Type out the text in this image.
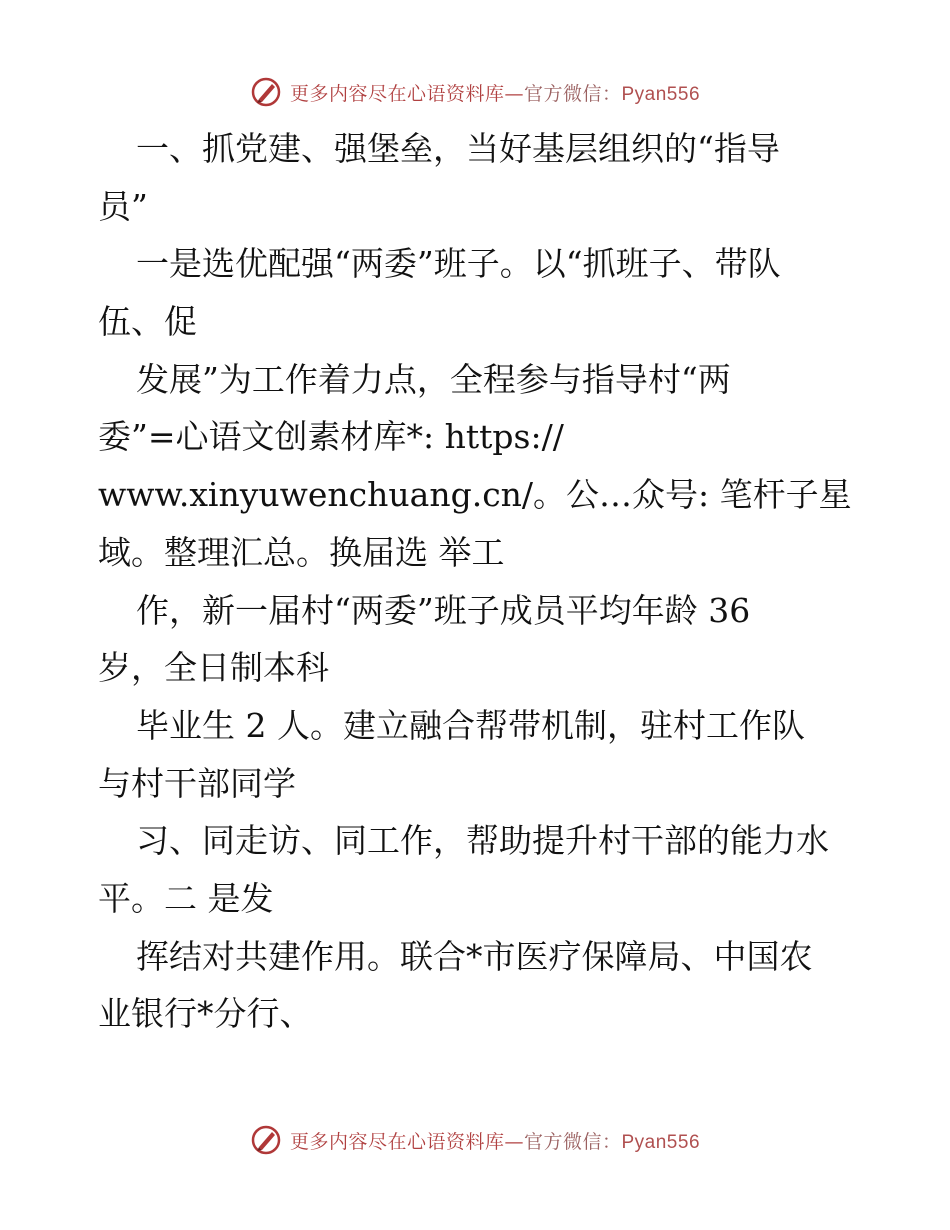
更多内容尽在心语资料库—官方微信：Pyan556
一、抓党建、强堡垒，当好基层组织的“指导
员”
一是选优配强“两委”班子。以“抓班子、带队
伍、促
发展”为工作着力点，全程参与指导村“两
委”=心语文创素材库*: https://
www.xinyuwenchuang.cn/。公…众号: 笔杆子星
域。整理汇总。换届选 举工
作，新一届村“两委”班子成员平均年龄 36
岁，全日制本科
毕业生 2 人。建立融合帮带机制，驻村工作队
与村干部同学
习、同走访、同工作，帮助提升村干部的能力水
平。二 是发
挥结对共建作用。联合*市医疗保障局、中国农
业银行*分行、
更多内容尽在心语资料库—官方微信：Pyan556
